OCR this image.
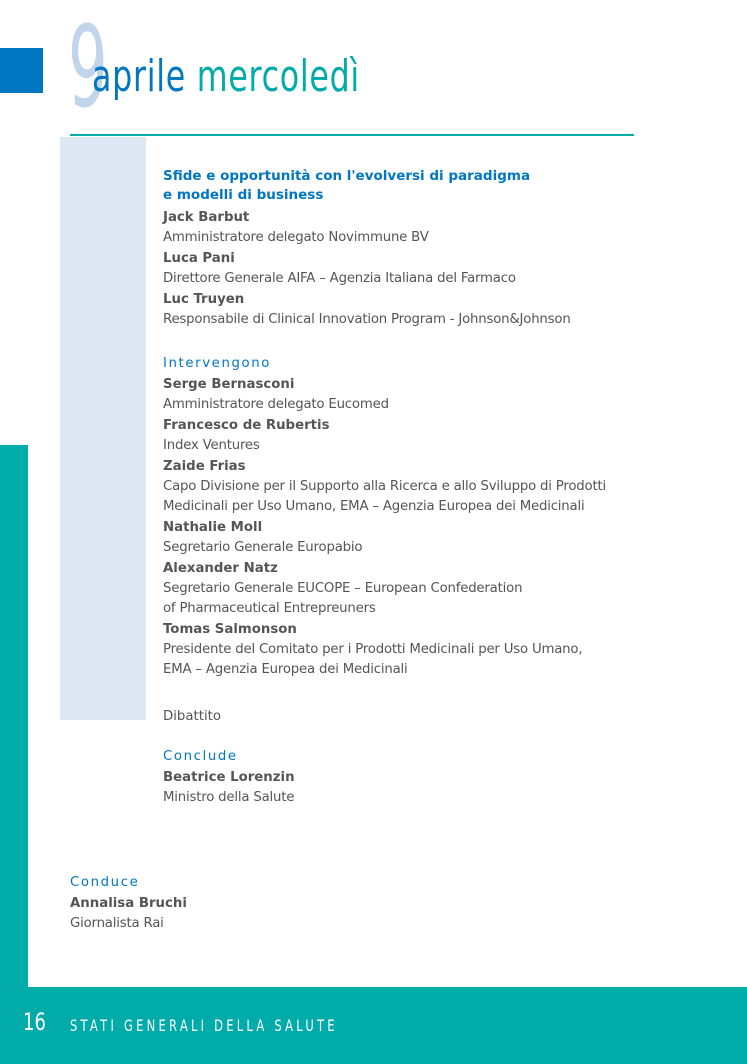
9
aprile mercoledì
Sfide e opportunità con l'evolversi di paradigma
e modelli di business
Jack Barbut
Amministratore delegato Novimmune BV
Luca Pani
Direttore Generale AIFA – Agenzia Italiana del Farmaco
Luc Truyen
Responsabile di Clinical Innovation Program - Johnson&Johnson
Intervengono
Serge Bernasconi
Amministratore delegato Eucomed
Francesco de Rubertis
Index Ventures
Zaide Frias
Capo Divisione per il Supporto alla Ricerca e allo Sviluppo di Prodotti
Medicinali per Uso Umano, EMA – Agenzia Europea dei Medicinali
Nathalie Moll
Segretario Generale Europabio
Alexander Natz
Segretario Generale EUCOPE – European Confederation
of Pharmaceutical Entrepreuners
Tomas Salmonson
Presidente del Comitato per i Prodotti Medicinali per Uso Umano,
EMA – Agenzia Europea dei Medicinali
Dibattito
Conclude
Beatrice Lorenzin
Ministro della Salute
Conduce
Annalisa Bruchi
Giornalista Rai
16 STATI GENERALI DELLA SALUTE
